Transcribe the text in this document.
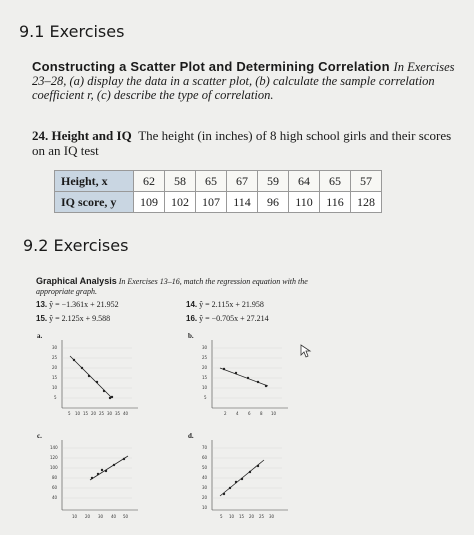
9.1 Exercises
Constructing a Scatter Plot and Determining Correlation In Exercises 23–28, (a) display the data in a scatter plot, (b) calculate the sample correlation coefficient r, (c) describe the type of correlation.
24. Height and IQ The height (in inches) of 8 high school girls and their scores on an IQ test
Height, x	62	58	65	67	59	64	65	57
IQ score, y	109	102	107	114	96	110	116	128
9.2 Exercises
Graphical Analysis In Exercises 13–16, match the regression equation with the appropriate graph.
13. ŷ = −1.361x + 21.952	14. ŷ = 2.115x + 21.958
15. ŷ = 2.125x + 9.588	16. ŷ = −0.705x + 27.214
a.	b.
c.	d.
30
25
20
15
10
5
5 10 15 20 25 30 35 40
30
25
20
15
10
5
2 4 6 8 10
140
120
100
80
60
40
10 20 30 40 50
70
60
50
40
30
20
10
5 10 15 20 25 30
